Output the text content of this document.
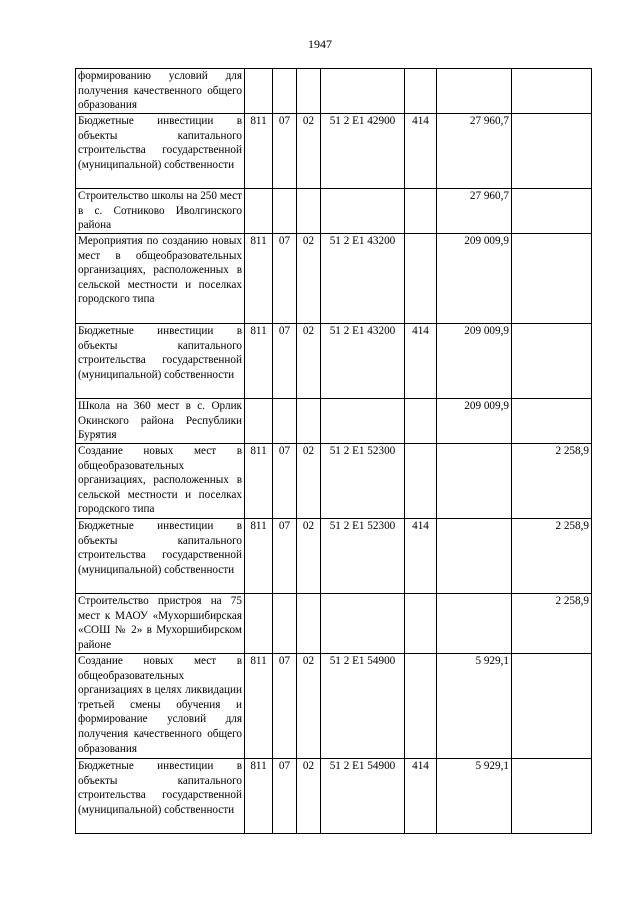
1947
формированию условий для получения качественного общего образования							
Бюджетные инвестиции в объекты капитального строительства государственной (муниципальной) собственности	811	07	02	51 2 E1 42900	414	27 960,7	
Строительство школы на 250 мест в с. Сотниково Иволгинского района						27 960,7	
Мероприятия по созданию новых мест в общеобразовательных организациях, расположенных в сельской местности и поселках городского типа	811	07	02	51 2 E1 43200		209 009,9	
Бюджетные инвестиции в объекты капитального строительства государственной (муниципальной) собственности	811	07	02	51 2 E1 43200	414	209 009,9	
Школа на 360 мест в с. Орлик Окинского района Республики Бурятия						209 009,9	
Создание новых мест в общеобразовательных организациях, расположенных в сельской местности и поселках городского типа	811	07	02	51 2 E1 52300			2 258,9
Бюджетные инвестиции в объекты капитального строительства государственной (муниципальной) собственности	811	07	02	51 2 E1 52300	414		2 258,9
Строительство пристроя на 75 мест к МАОУ «Мухоршибирская «СОШ № 2» в Мухоршибирском районе							2 258,9
Создание новых мест в общеобразовательных организациях в целях ликвидации третьей смены обучения и формирование условий для получения качественного общего образования	811	07	02	51 2 E1 54900		5 929,1	
Бюджетные инвестиции в объекты капитального строительства государственной (муниципальной) собственности	811	07	02	51 2 E1 54900	414	5 929,1	
